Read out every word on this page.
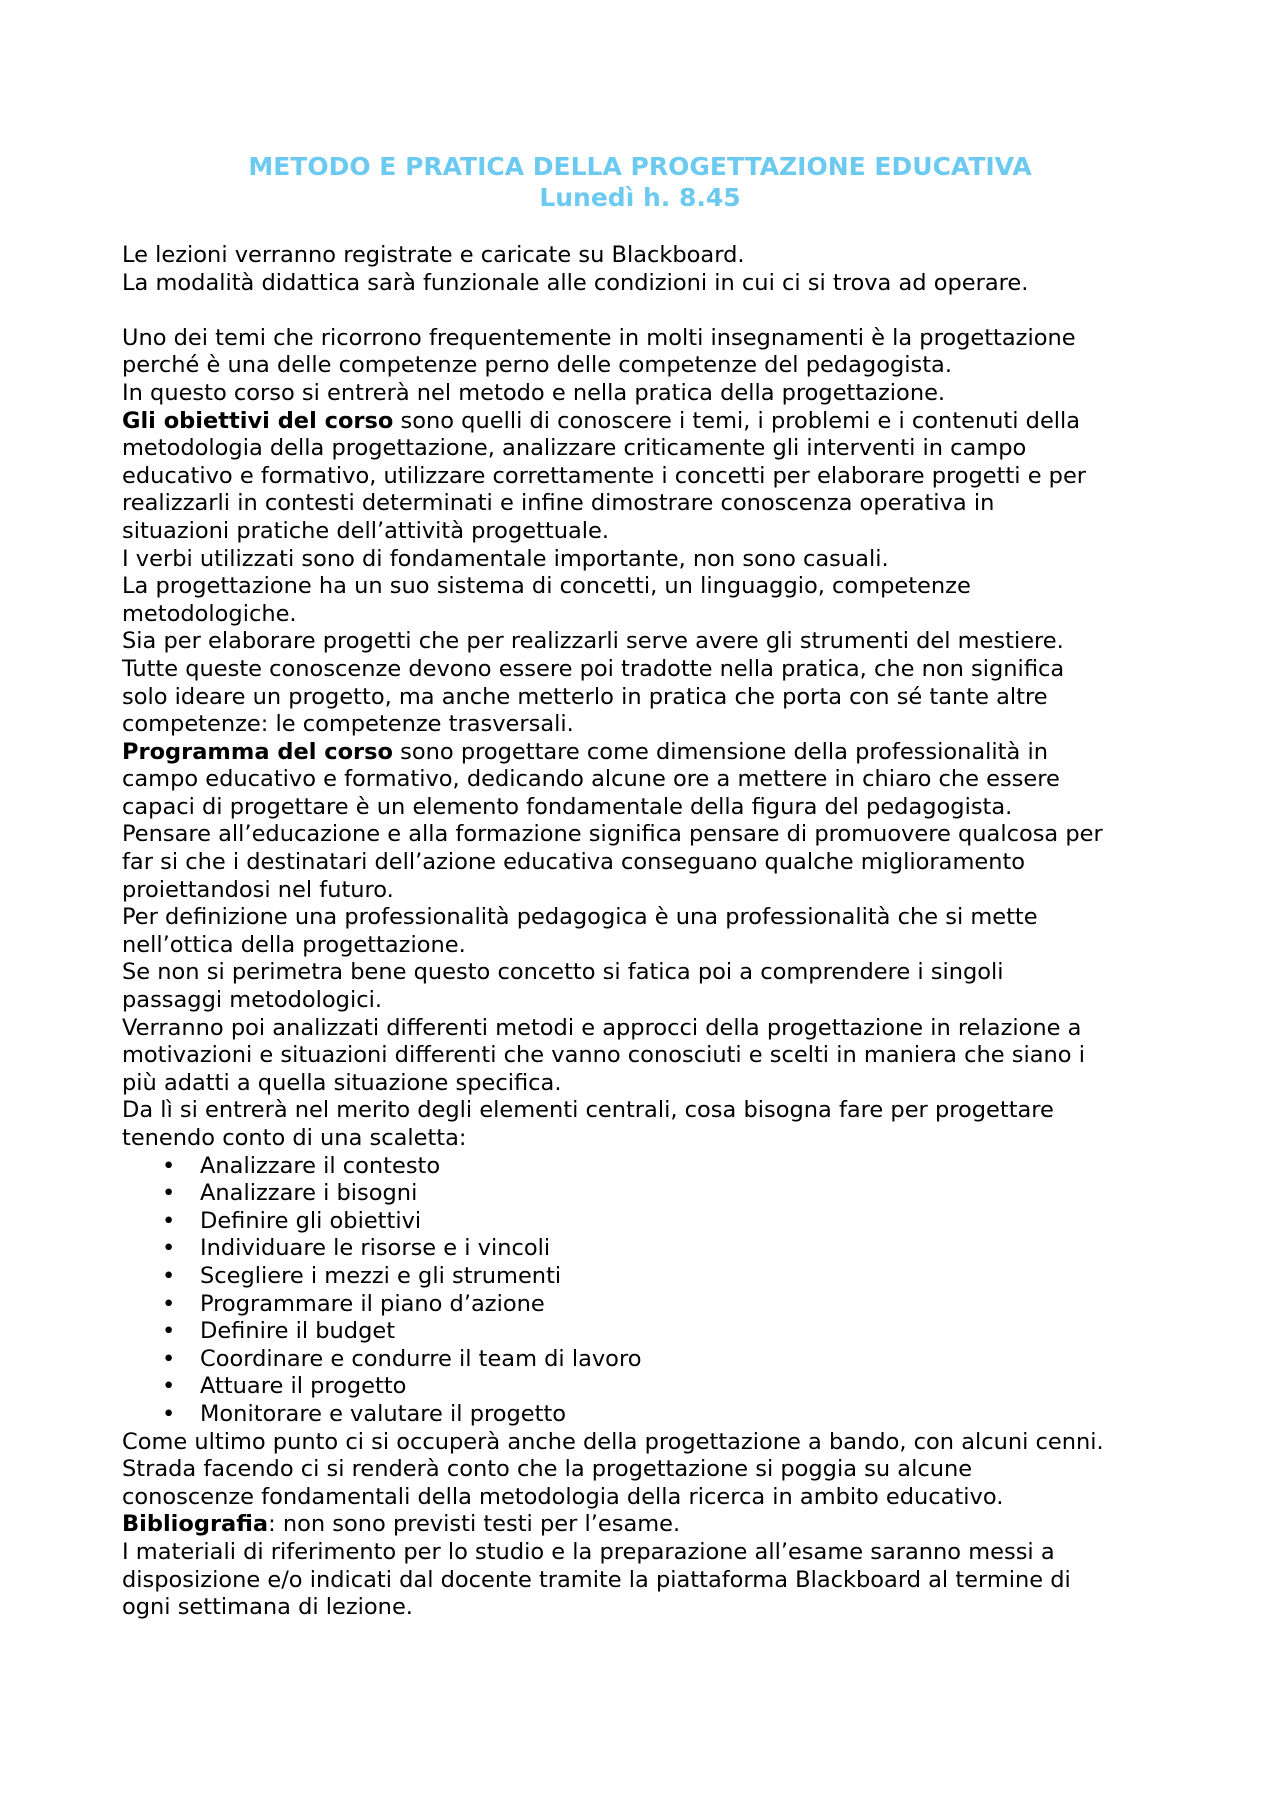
METODO E PRATICA DELLA PROGETTAZIONE EDUCATIVA
Lunedì h. 8.45
Le lezioni verranno registrate e caricate su Blackboard.
La modalità didattica sarà funzionale alle condizioni in cui ci si trova ad operare.
Uno dei temi che ricorrono frequentemente in molti insegnamenti è la progettazione
perché è una delle competenze perno delle competenze del pedagogista.
In questo corso si entrerà nel metodo e nella pratica della progettazione.
Gli obiettivi del corso sono quelli di conoscere i temi, i problemi e i contenuti della
metodologia della progettazione, analizzare criticamente gli interventi in campo
educativo e formativo, utilizzare correttamente i concetti per elaborare progetti e per
realizzarli in contesti determinati e infine dimostrare conoscenza operativa in
situazioni pratiche dell’attività progettuale.
I verbi utilizzati sono di fondamentale importante, non sono casuali.
La progettazione ha un suo sistema di concetti, un linguaggio, competenze
metodologiche.
Sia per elaborare progetti che per realizzarli serve avere gli strumenti del mestiere.
Tutte queste conoscenze devono essere poi tradotte nella pratica, che non significa
solo ideare un progetto, ma anche metterlo in pratica che porta con sé tante altre
competenze: le competenze trasversali.
Programma del corso sono progettare come dimensione della professionalità in
campo educativo e formativo, dedicando alcune ore a mettere in chiaro che essere
capaci di progettare è un elemento fondamentale della figura del pedagogista.
Pensare all’educazione e alla formazione significa pensare di promuovere qualcosa per
far si che i destinatari dell’azione educativa conseguano qualche miglioramento
proiettandosi nel futuro.
Per definizione una professionalità pedagogica è una professionalità che si mette
nell’ottica della progettazione.
Se non si perimetra bene questo concetto si fatica poi a comprendere i singoli
passaggi metodologici.
Verranno poi analizzati differenti metodi e approcci della progettazione in relazione a
motivazioni e situazioni differenti che vanno conosciuti e scelti in maniera che siano i
più adatti a quella situazione specifica.
Da lì si entrerà nel merito degli elementi centrali, cosa bisogna fare per progettare
tenendo conto di una scaletta:
• Analizzare il contesto
• Analizzare i bisogni
• Definire gli obiettivi
• Individuare le risorse e i vincoli
• Scegliere i mezzi e gli strumenti
• Programmare il piano d’azione
• Definire il budget
• Coordinare e condurre il team di lavoro
• Attuare il progetto
• Monitorare e valutare il progetto
Come ultimo punto ci si occuperà anche della progettazione a bando, con alcuni cenni.
Strada facendo ci si renderà conto che la progettazione si poggia su alcune
conoscenze fondamentali della metodologia della ricerca in ambito educativo.
Bibliografia: non sono previsti testi per l’esame.
I materiali di riferimento per lo studio e la preparazione all’esame saranno messi a
disposizione e/o indicati dal docente tramite la piattaforma Blackboard al termine di
ogni settimana di lezione.
